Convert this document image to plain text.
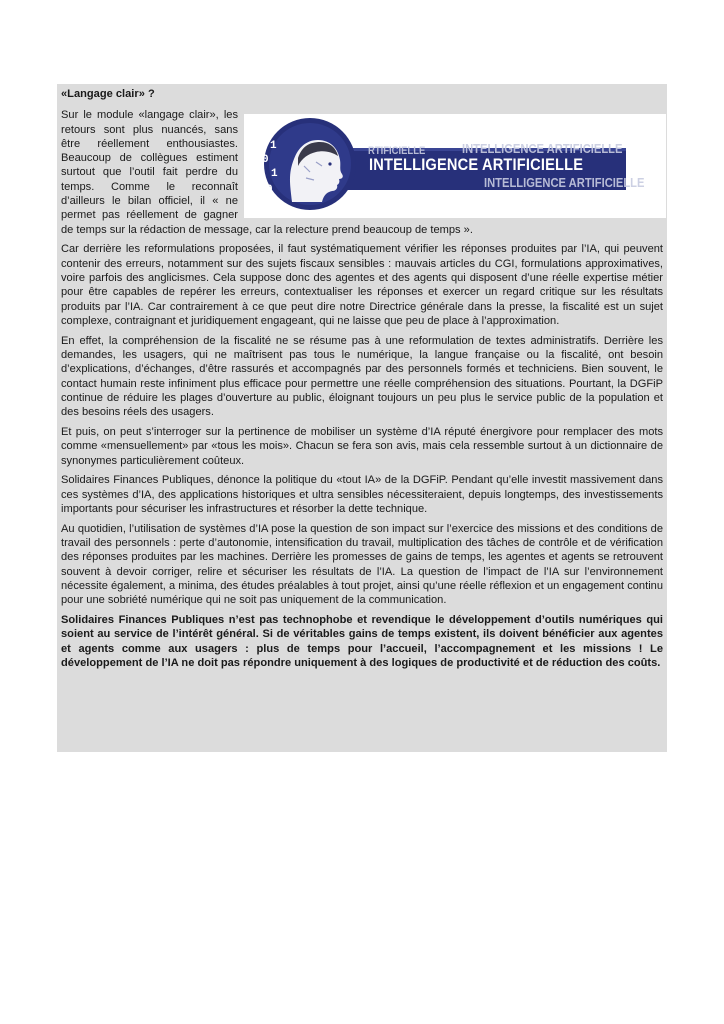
«Langage clair» ?
0
1
0
1
0
INTELLIGENCE ARTIFICIELLE
RTIFICIELLE
INTELLIGENCE ARTIFICIELLE
INTELLIGENCE ARTIFICIELLE

Sur le module «langage clair», les retours sont plus nuancés, sans être réellement enthousiastes. Beaucoup de collègues estiment surtout que l’outil fait perdre du temps. Comme le reconnaît d’ailleurs le bilan officiel, il « ne permet pas réellement de gagner de temps sur la rédaction de message, car la relecture prend beaucoup de temps ».

Car derrière les reformulations proposées, il faut systématiquement vérifier les réponses produites par l’IA, qui peuvent contenir des erreurs, notamment sur des sujets fiscaux sensibles : mauvais articles du CGI, formulations approximatives, voire parfois des anglicismes. Cela suppose donc des agentes et des agents qui disposent d’une réelle expertise métier pour être capables de repérer les erreurs, contextualiser les réponses et exercer un regard critique sur les résultats produits par l’IA. Car contrairement à ce que peut dire notre Directrice générale dans la presse, la fiscalité est un sujet complexe, contraignant et juridiquement engageant, qui ne laisse que peu de place à l’approximation.

En effet, la compréhension de la fiscalité ne se résume pas à une reformulation de textes administratifs. Derrière les demandes, les usagers, qui ne maîtrisent pas tous le numérique, la langue française ou la fiscalité, ont besoin d’explications, d’échanges, d’être rassurés et accompagnés par des personnels formés et techniciens. Bien souvent, le contact humain reste infiniment plus efficace pour permettre une réelle compréhension des situations. Pourtant, la DGFiP continue de réduire les plages d’ouverture au public, éloignant toujours un peu plus le service public de la population et des besoins réels des usagers.

Et puis, on peut s’interroger sur la pertinence de mobiliser un système d’IA réputé énergivore pour remplacer des mots comme «mensuellement» par «tous les mois». Chacun se fera son avis, mais cela ressemble surtout à un dictionnaire de synonymes particulièrement coûteux.

Solidaires Finances Publiques, dénonce la politique du «tout IA» de la DGFiP. Pendant qu’elle investit massivement dans ces systèmes d’IA, des applications historiques et ultra sensibles nécessiteraient, depuis longtemps, des investissements importants pour sécuriser les infrastructures et résorber la dette technique.

Au quotidien, l’utilisation de systèmes d’IA pose la question de son impact sur l’exercice des missions et des conditions de travail des personnels : perte d’autonomie, intensification du travail, multiplication des tâches de contrôle et de vérification des réponses produites par les machines. Derrière les promesses de gains de temps, les agentes et agents se retrouvent souvent à devoir corriger, relire et sécuriser les résultats de l’IA. La question de l’impact de l’IA sur l’environnement nécessite également, a minima, des études préalables à tout projet, ainsi qu’une réelle réflexion et un engagement continu pour une sobriété numérique qui ne soit pas uniquement de la communication.

Solidaires Finances Publiques n’est pas technophobe et revendique le développement d’outils numériques qui soient au service de l’intérêt général. Si de véritables gains de temps existent, ils doivent bénéficier aux agentes et agents comme aux usagers : plus de temps pour l’accueil, l’accompagnement et les missions ! Le développement de l’IA ne doit pas répondre uniquement à des logiques de productivité et de réduction des coûts.
